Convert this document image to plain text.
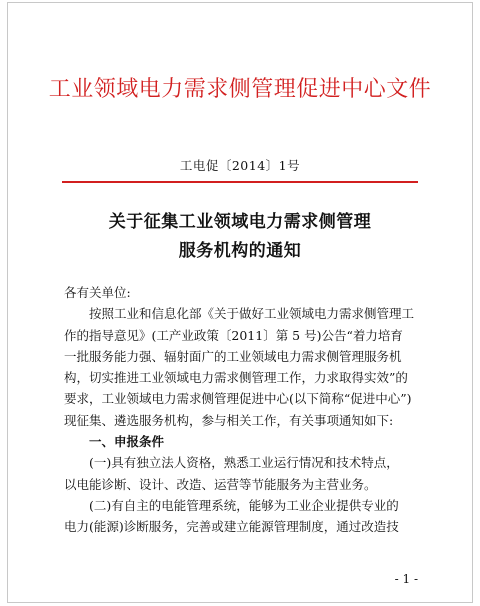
工业领域电力需求侧管理促进中心文件
工电促〔2014〕1号
关于征集工业领域电力需求侧管理
服务机构的通知
各有关单位:
　　按照工业和信息化部《关于做好工业领域电力需求侧管理工
作的指导意见》(工产业政策〔2011〕第 5 号)公告“着力培育
一批服务能力强、辐射面广的工业领域电力需求侧管理服务机
构，切实推进工业领域电力需求侧管理工作，力求取得实效”的
要求，工业领域电力需求侧管理促进中心(以下简称“促进中心”)
现征集、遴选服务机构，参与相关工作，有关事项通知如下:
　　一、申报条件
　　(一)具有独立法人资格，熟悉工业运行情况和技术特点，
以电能诊断、设计、改造、运营等节能服务为主营业务。
　　(二)有自主的电能管理系统，能够为工业企业提供专业的
电力(能源)诊断服务，完善或建立能源管理制度，通过改造技
- 1 -
